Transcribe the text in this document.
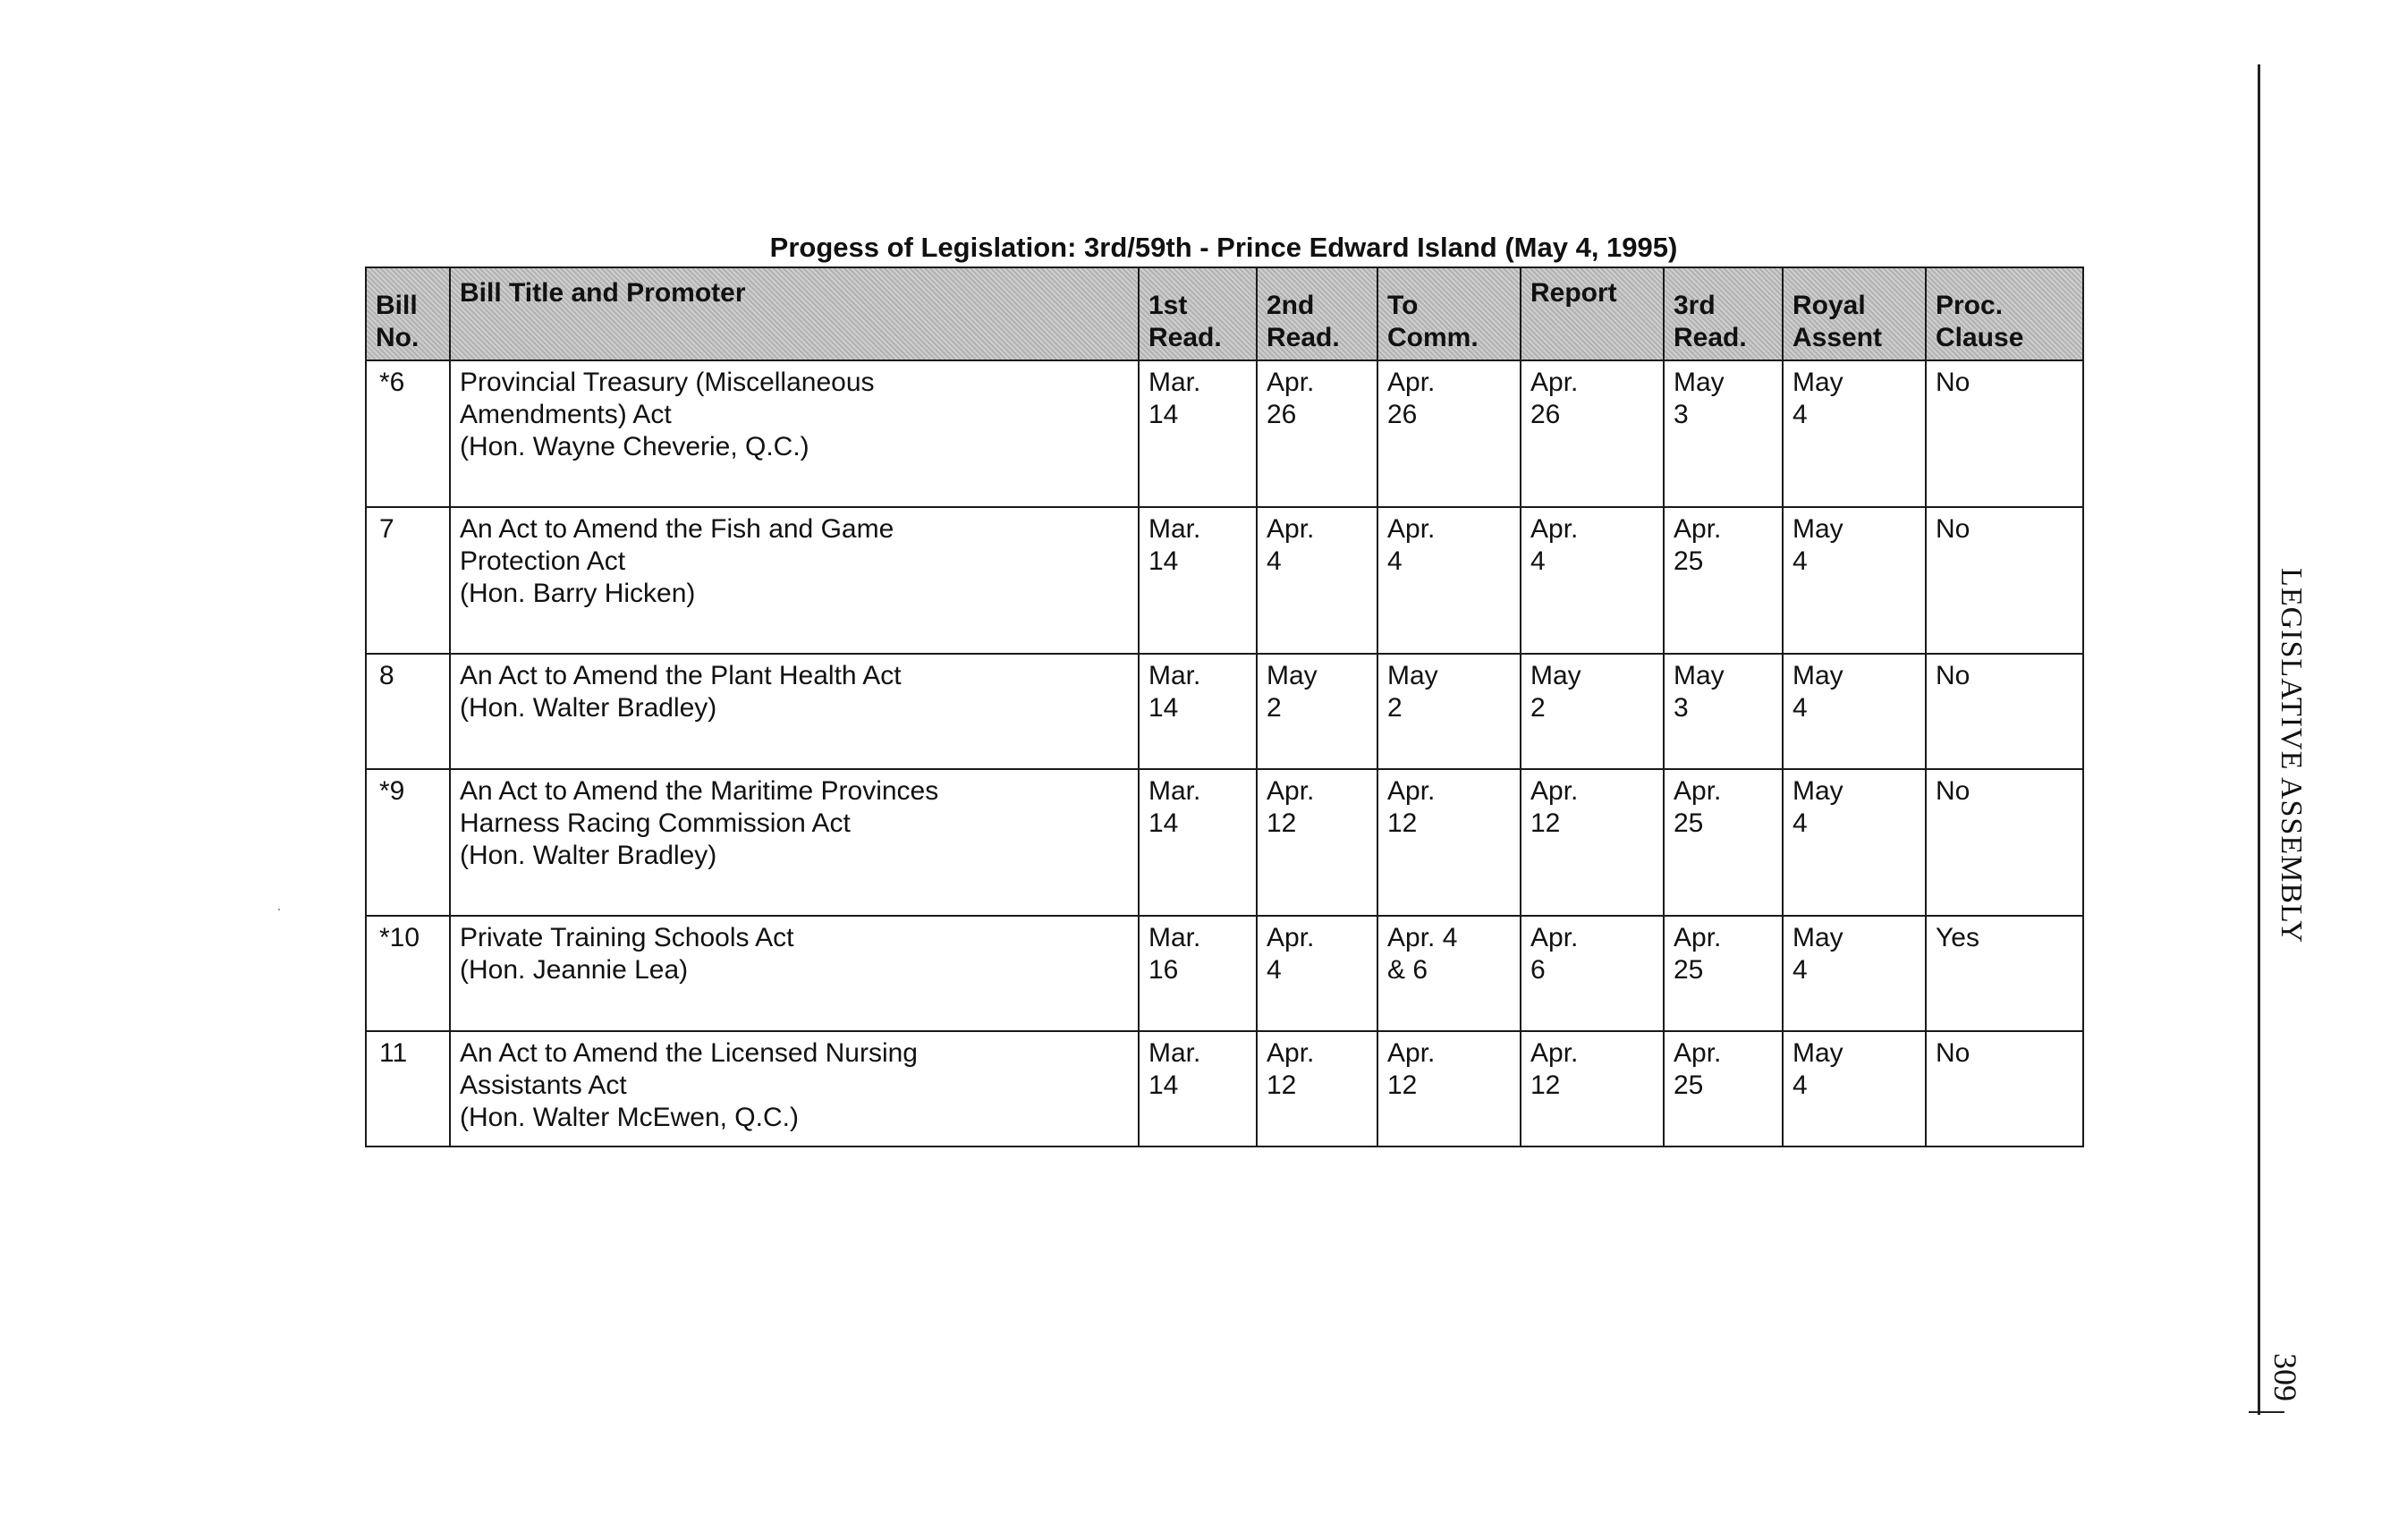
Progess of Legislation: 3rd/59th - Prince Edward Island (May 4, 1995)
Bill
No.	Bill Title and Promoter	1st
Read.	2nd
Read.	To
Comm.	Report	3rd
Read.	Royal
Assent	Proc.
Clause
*6	Provincial Treasury (Miscellaneous
Amendments) Act
(Hon. Wayne Cheverie, Q.C.)	Mar.
14	Apr.
26	Apr.
26	Apr.
26	May
3	May
4	No
7	An Act to Amend the Fish and Game
Protection Act
(Hon. Barry Hicken)	Mar.
14	Apr.
4	Apr.
4	Apr.
4	Apr.
25	May
4	No
8	An Act to Amend the Plant Health Act
(Hon. Walter Bradley)	Mar.
14	May
2	May
2	May
2	May
3	May
4	No
*9	An Act to Amend the Maritime Provinces
Harness Racing Commission Act
(Hon. Walter Bradley)	Mar.
14	Apr.
12	Apr.
12	Apr.
12	Apr.
25	May
4	No
*10	Private Training Schools Act
(Hon. Jeannie Lea)	Mar.
16	Apr.
4	Apr. 4
& 6	Apr.
6	Apr.
25	May
4	Yes
11	An Act to Amend the Licensed Nursing
Assistants Act
(Hon. Walter McEwen, Q.C.)	Mar.
14	Apr.
12	Apr.
12	Apr.
12	Apr.
25	May
4	No
LEGISLATIVE ASSEMBLY
309
